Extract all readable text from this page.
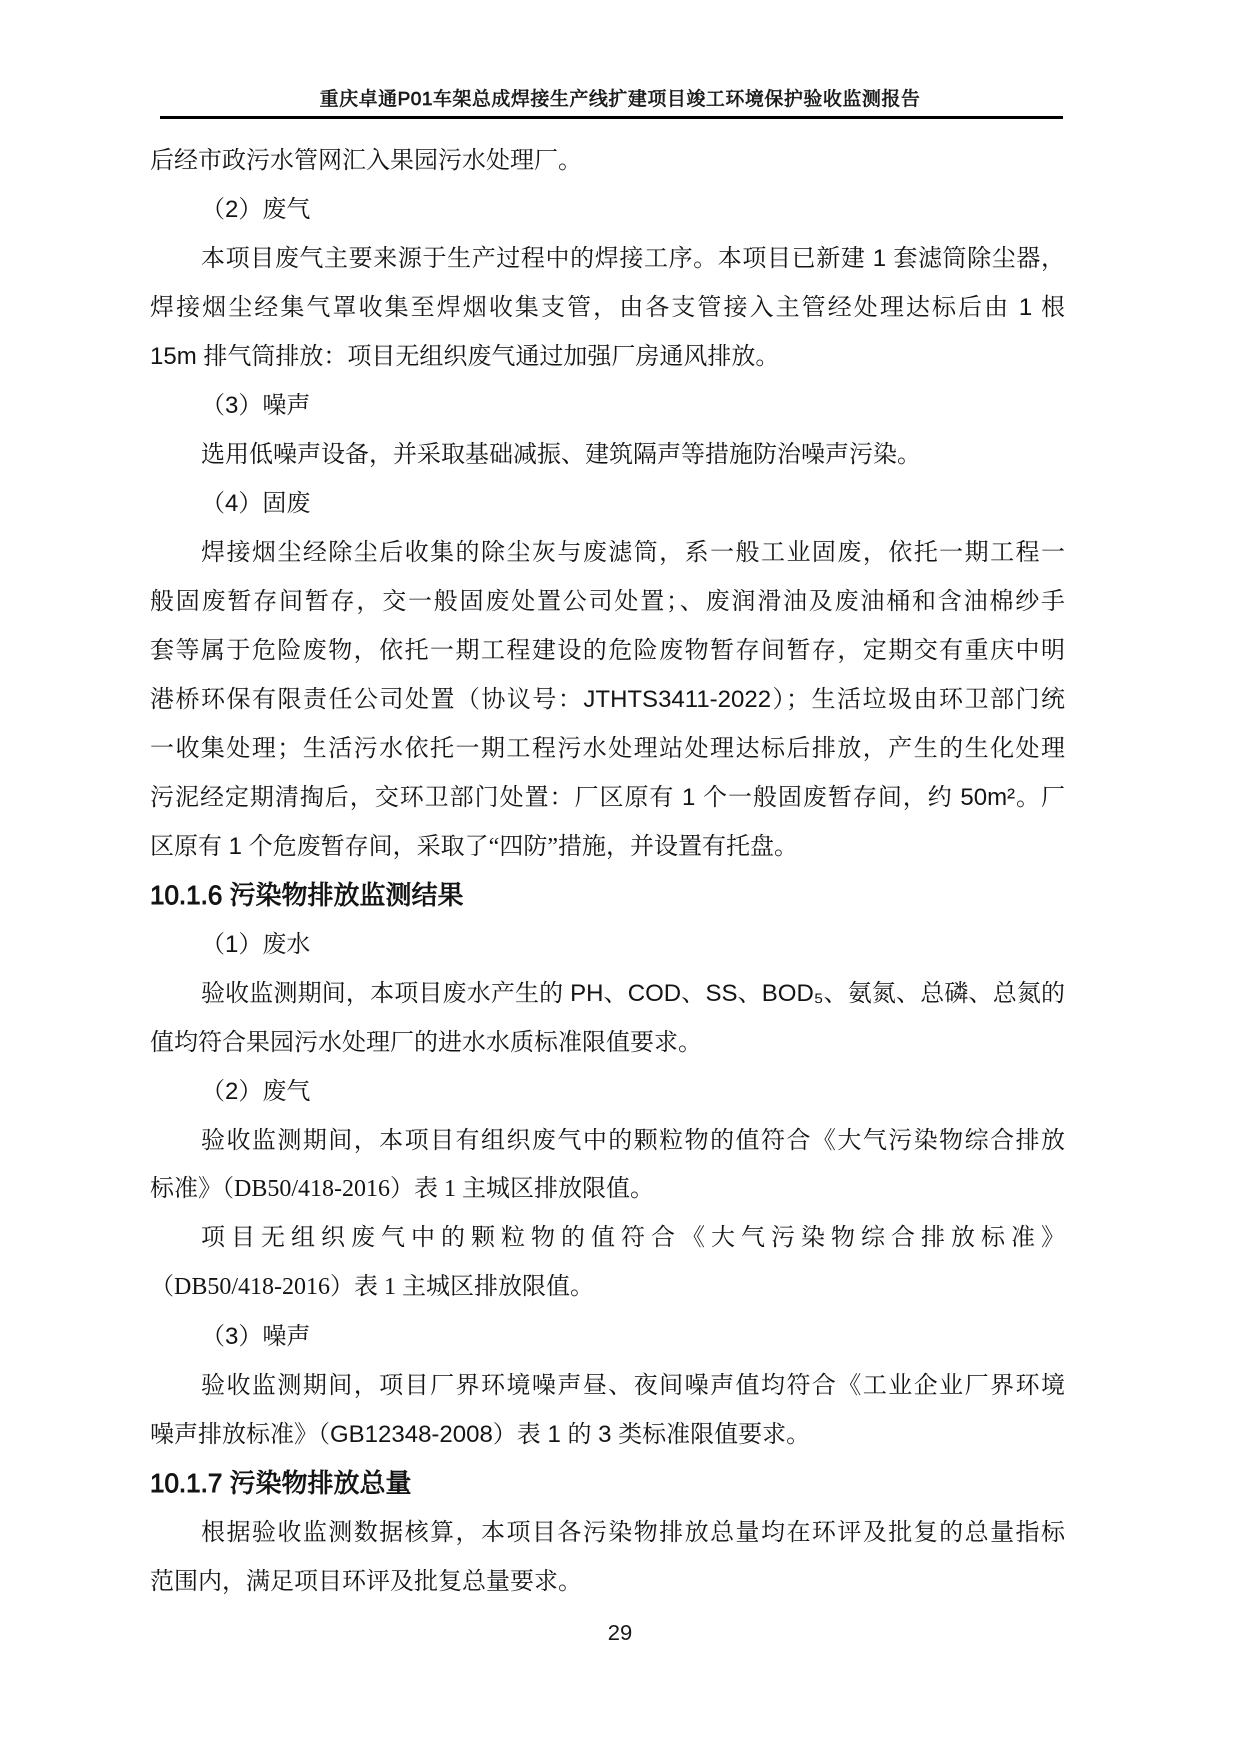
重庆卓通P01车架总成焊接生产线扩建项目竣工环境保护验收监测报告
后经市政污水管网汇入果园污水处理厂。
（2）废气
本项目废气主要来源于生产过程中的焊接工序。本项目已新建 1 套滤筒除尘器，
焊接烟尘经集气罩收集至焊烟收集支管，由各支管接入主管经处理达标后由 1 根
15m 排气筒排放：项目无组织废气通过加强厂房通风排放。
（3）噪声
选用低噪声设备，并采取基础减振、建筑隔声等措施防治噪声污染。
（4）固废
焊接烟尘经除尘后收集的除尘灰与废滤筒，系一般工业固废，依托一期工程一
般固废暂存间暂存，交一般固废处置公司处置；、废润滑油及废油桶和含油棉纱手
套等属于危险废物，依托一期工程建设的危险废物暂存间暂存，定期交有重庆中明
港桥环保有限责任公司处置（协议号：JTHTS3411-2022）；生活垃圾由环卫部门统
一收集处理；生活污水依托一期工程污水处理站处理达标后排放，产生的生化处理
污泥经定期清掏后，交环卫部门处置：厂区原有 1 个一般固废暂存间，约 50m²。厂
区原有 1 个危废暂存间，采取了“四防”措施，并设置有托盘。
10.1.6 污染物排放监测结果
（1）废水
验收监测期间，本项目废水产生的 PH、COD、SS、BOD₅、氨氮、总磷、总氮的
值均符合果园污水处理厂的进水水质标准限值要求。
（2）废气
验收监测期间，本项目有组织废气中的颗粒物的值符合《大气污染物综合排放
标准》（DB50/418-2016）表 1 主城区排放限值。
项目无组织废气中的颗粒物的值符合《大气污染物综合排放标准》
（DB50/418-2016）表 1 主城区排放限值。
（3）噪声
验收监测期间，项目厂界环境噪声昼、夜间噪声值均符合《工业企业厂界环境
噪声排放标准》（GB12348-2008）表 1 的 3 类标准限值要求。
10.1.7 污染物排放总量
根据验收监测数据核算，本项目各污染物排放总量均在环评及批复的总量指标
范围内，满足项目环评及批复总量要求。
29
